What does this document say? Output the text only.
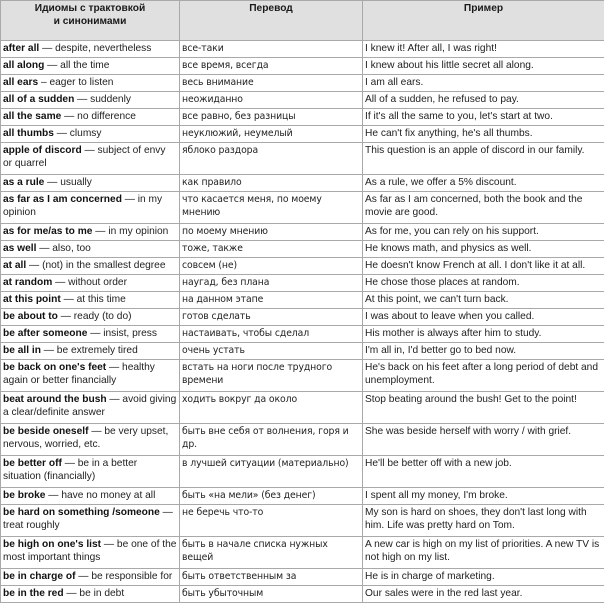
Идиомы с трактовкой
и синонимами	Перевод	Пример
after all — despite, nevertheless	все-таки	I knew it! After all, I was right!
all along — all the time	все время, всегда	I knew about his little secret all along.
all ears – eager to listen	весь внимание	I am all ears.
all of a sudden — suddenly	неожиданно	All of a sudden, he refused to pay.
all the same — no difference	все равно, без разницы	If it's all the same to you, let's start at two.
all thumbs — clumsy	неуклюжий, неумелый	He can't fix anything, he's all thumbs.
apple of discord — subject of envy or quarrel	яблоко раздора	This question is an apple of discord in our family.
as a rule — usually	как правило	As a rule, we offer a 5% discount.
as far as I am concerned — in my opinion	что касается меня, по моему мнению	As far as I am concerned, both the book and the movie are good.
as for me/as to me — in my opinion	по моему мнению	As for me, you can rely on his support.
as well — also, too	тоже, также	He knows math, and physics as well.
at all — (not) in the smallest degree	совсем (не)	He doesn't know French at all. I don't like it at all.
at random — without order	наугад, без плана	He chose those places at random.
at this point — at this time	на данном этапе	At this point, we can't turn back.
be about to — ready (to do)	готов сделать	I was about to leave when you called.
be after someone — insist, press	настаивать, чтобы сделал	His mother is always after him to study.
be all in — be extremely tired	очень устать	I'm all in, I'd better go to bed now.
be back on one's feet — healthy again or better financially	встать на ноги после трудного времени	He's back on his feet after a long period of debt and unemployment.
beat around the bush — avoid giving a clear/definite answer	ходить вокруг да около	Stop beating around the bush! Get to the point!
be beside oneself — be very upset, nervous, worried, etc.	быть вне себя от волнения, горя и др.	She was beside herself with worry / with grief.
be better off — be in a better situation (financially)	в лучшей ситуации (материально)	He'll be better off with a new job.
be broke — have no money at all	быть «на мели» (без денег)	I spent all my money, I'm broke.
be hard on something /someone — treat roughly	не беречь что-то	My son is hard on shoes, they don't last long with him. Life was pretty hard on Tom.
be high on one's list — be one of the most important things	быть в начале списка нужных вещей	A new car is high on my list of priorities. A new TV is not high on my list.
be in charge of — be responsible for	быть ответственным за	He is in charge of marketing.
be in the red — be in debt	быть убыточным	Our sales were in the red last year.
